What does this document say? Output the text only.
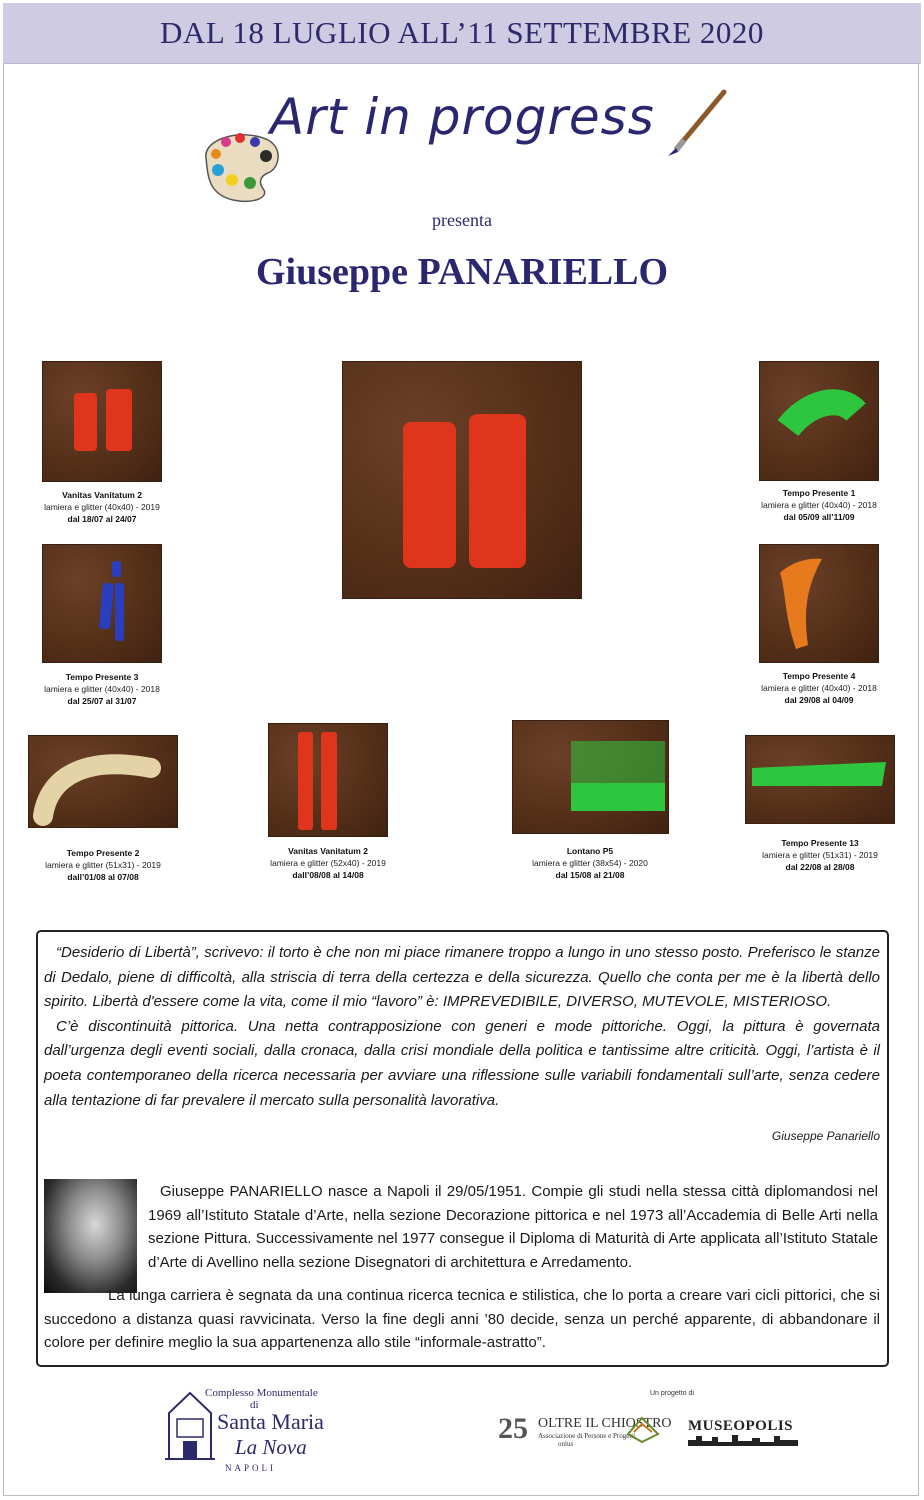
DAL 18 LUGLIO ALL’11 SETTEMBRE 2020
Art in progress
presenta
Giuseppe PANARIELLO
Vanitas Vanitatum 2
lamiera e glitter (40x40) - 2019
dal 18/07 al 24/07
Tempo Presente 3
lamiera e glitter (40x40) - 2018
dal 25/07 al 31/07
Tempo Presente 2
lamiera e glitter (51x31) - 2019
dall’01/08 al 07/08
Vanitas Vanitatum 2
lamiera e glitter (52x40) - 2019
dall’08/08 al 14/08
Lontano P5
lamiera e glitter (38x54) - 2020
dal 15/08 al 21/08
Tempo Presente 13
lamiera e glitter (51x31) - 2019
dal 22/08 al 28/08
Tempo Presente 4
lamiera e glitter (40x40) - 2018
dal 29/08 al 04/09
Tempo Presente 1
lamiera e glitter (40x40) - 2018
dal 05/09 all’11/09

“Desiderio di Libertà”, scrivevo: il torto è che non mi piace rimanere troppo a lungo in uno stesso posto. Preferisco le stanze di Dedalo, piene di difficoltà, alla striscia di terra della certezza e della sicurezza. Quello che conta per me è la libertà dello spirito. Libertà d'essere come la vita, come il mio “lavoro” è: IMPREVEDIBILE, DIVERSO, MUTEVOLE, MISTERIOSO.

C’è discontinuità pittorica. Una netta contrapposizione con generi e mode pittoriche. Oggi, la pittura è governata dall’urgenza degli eventi sociali, dalla cronaca, dalla crisi mondiale della politica e tantissime altre criticità. Oggi, l’artista è il poeta contemporaneo della ricerca necessaria per avviare una riflessione sulle variabili fondamentali sull’arte, senza cedere alla tentazione di far prevalere il mercato sulla personalità lavorativa.

Giuseppe Panariello

Giuseppe PANARIELLO nasce a Napoli il 29/05/1951. Compie gli studi nella stessa città diplomandosi nel 1969 all’Istituto Statale d’Arte, nella sezione Decorazione pittorica e nel 1973 all’Accademia di Belle Arti nella sezione Pittura. Successivamente nel 1977 consegue il Diploma di Maturità di Arte applicata all’Istituto Statale d’Arte di Avellino nella sezione Disegnatori di architettura e Arredamento.

La lunga carriera è segnata da una continua ricerca tecnica e stilistica, che lo porta a creare vari cicli pittorici, che si succedono a distanza quasi ravvicinata. Verso la fine degli anni ’80 decide, senza un perché apparente, di abbandonare il colore per definire meglio la sua appartenenza allo stile “informale-astratto”.

Complesso Monumentale
di
Santa Maria
La Nova
NAPOLI
Un progetto di
25 OLTRE IL CHIOSTRO
Associazione di Persone e Progetti
onlus
MUSEOPOLIS
